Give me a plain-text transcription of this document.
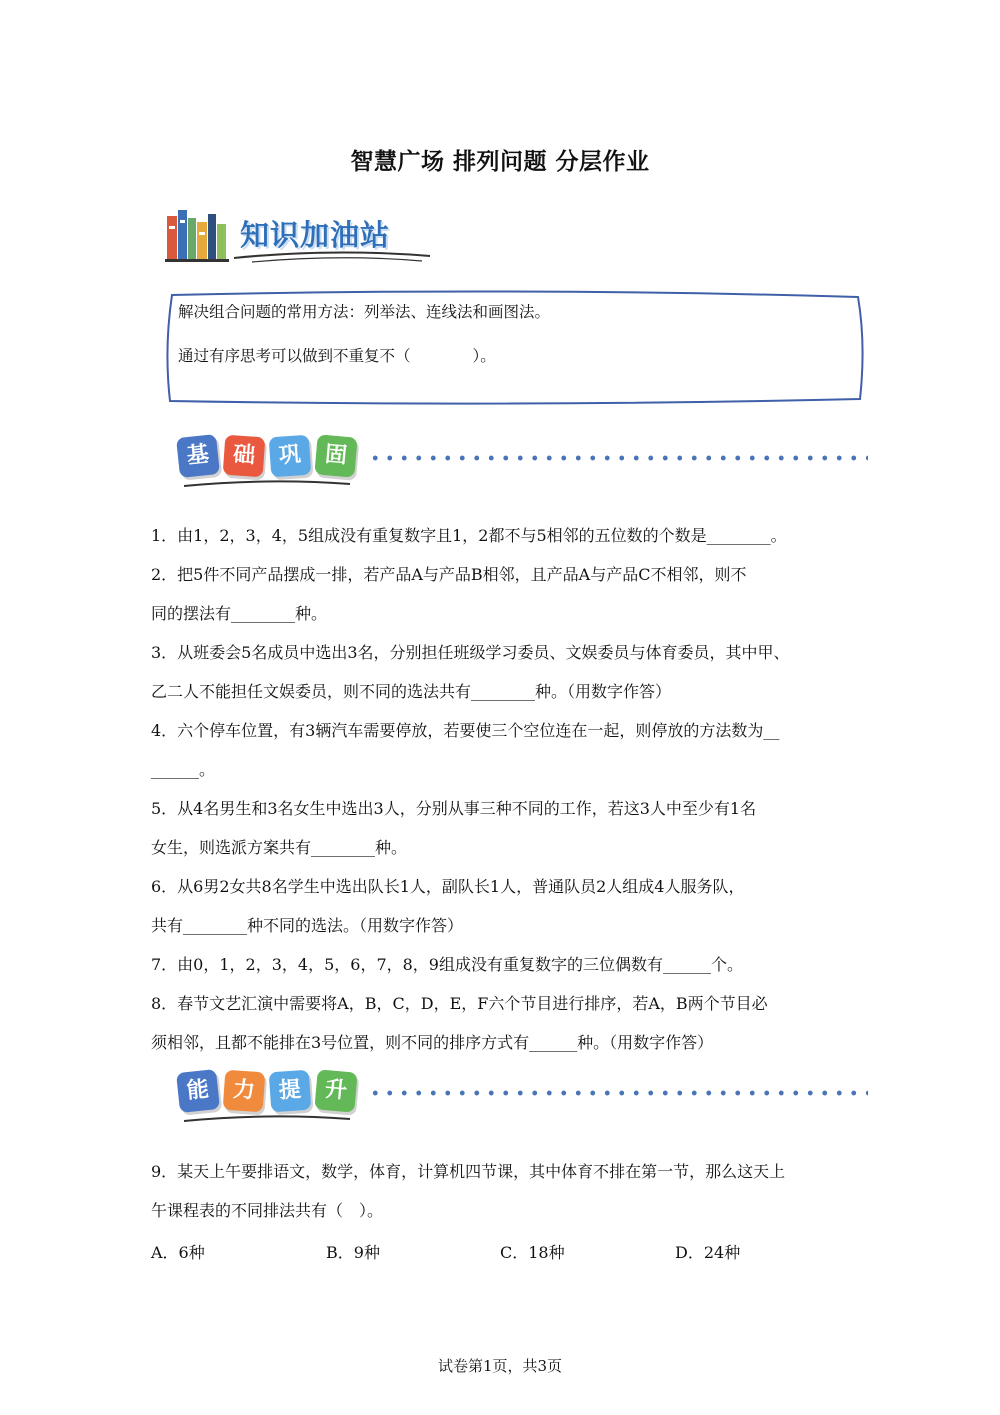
智慧广场 排列问题 分层作业
知识加油站
解决组合问题的常用方法：列举法、连线法和画图法。
通过有序思考可以做到不重复不（　　　　）。
基 础	巩	固
1．由1，2，3，4，5组成没有重复数字且1，2都不与5相邻的五位数的个数是________。
2．把5件不同产品摆成一排，若产品A与产品B相邻，且产品A与产品C不相邻，则不
同的摆法有________种。
3．从班委会5名成员中选出3名，分别担任班级学习委员、文娱委员与体育委员，其中甲、
乙二人不能担任文娱委员，则不同的选法共有________种。（用数字作答）
4．六个停车位置，有3辆汽车需要停放，若要使三个空位连在一起，则停放的方法数为__
______。
5．从4名男生和3名女生中选出3人，分别从事三种不同的工作，若这3人中至少有1名
女生，则选派方案共有________种。
6．从6男2女共8名学生中选出队长1人，副队长1人，普通队员2人组成4人服务队，
共有________种不同的选法。（用数字作答）
7．由0，1，2，3，4，5，6，7，8，9组成没有重复数字的三位偶数有______个。
8．春节文艺汇演中需要将A，B，C，D，E，F六个节目进行排序，若A，B两个节目必
须相邻，且都不能排在3号位置，则不同的排序方式有______种。（用数字作答）
能 力	提	升
9．某天上午要排语文，数学，体育，计算机四节课，其中体育不排在第一节，那么这天上
午课程表的不同排法共有（　）。
A．6种	B．9种	C．18种	D．24种
试卷第1页，共3页
